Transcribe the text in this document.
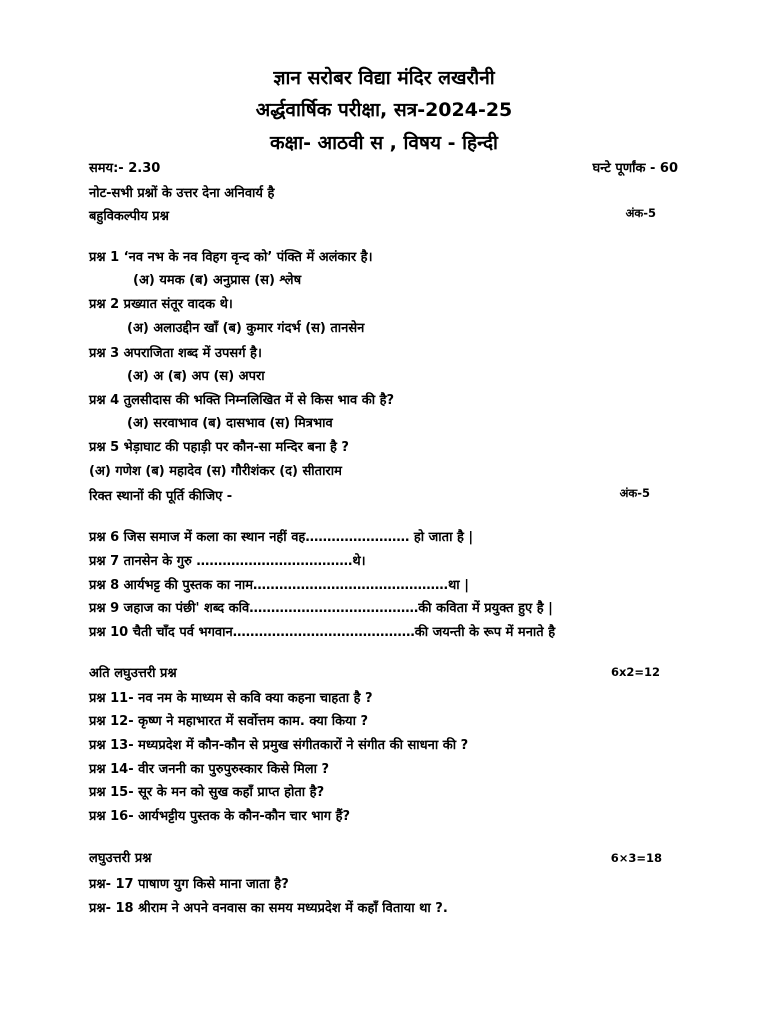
ज्ञान सरोबर विद्या मंदिर लखरौनी
अर्द्धवार्षिक परीक्षा, सत्र-2024-25
कक्षा- आठवी स , विषय - हिन्दी
समय:- 2.30	घन्टे पूर्णांक - 60
नोट-सभी प्रश्नों के उत्तर देना अनिवार्य है
बहुविकल्पीय प्रश्न	अंक-5
प्रश्न 1 ‘नव नभ के नव विहग वृन्द को’ पंक्ति में अलंकार है।
(अ) यमक (ब) अनुप्रास (स) श्लेष
प्रश्न 2 प्रख्यात संतूर वादक थे।
(अ) अलाउद्दीन खाँ (ब) कुमार गंदर्भ (स) तानसेन
प्रश्न 3 अपराजिता शब्द में उपसर्ग है।
(अ) अ (ब) अप (स) अपरा
प्रश्न 4 तुलसीदास की भक्ति निम्नलिखित में से किस भाव की है?
(अ) सरवाभाव (ब) दासभाव (स) मित्रभाव
प्रश्न 5 भेड़ाघाट की पहाड़ी पर कौन-सा मन्दिर बना है ?
(अ) गणेश (ब) महादेव (स) गौरीशंकर (द) सीताराम
रिक्त स्थानों की पूर्ति कीजिए -	अंक-5
प्रश्न 6 जिस समाज में कला का स्थान नहीं वह…………………… हो जाता है |
प्रश्न 7 तानसेन के गुरु ………………………………थे।
प्रश्न 8 आर्यभट्ट की पुस्तक का नाम………………………………………था |
प्रश्न 9 जहाज का पंछी' शब्द कवि…………………………………की कविता में प्रयुक्त हुए है |
प्रश्न 10 चैती चाँद पर्व भगवान……………………………………की जयन्ती के रूप में मनाते है
अति लघुउत्तरी प्रश्न	6x2=12
प्रश्न 11- नव नम के माध्यम से कवि क्या कहना चाहता है ?
प्रश्न 12- कृष्ण ने महाभारत में सर्वोत्तम काम. क्या किया ?
प्रश्न 13- मध्यप्रदेश में कौन-कौन से प्रमुख संगीतकारों ने संगीत की साधना की ?
प्रश्न 14- वीर जननी का पुरुपुरुस्कार किसे मिला ?
प्रश्न 15- सूर के मन को सुख कहाँ प्राप्त होता है?
प्रश्न 16- आर्यभट्टीय पुस्तक के कौन-कौन चार भाग हैं?
लघुउत्तरी प्रश्न	6×3=18
प्रश्न- 17 पाषाण युग किसे माना जाता है?
प्रश्न- 18 श्रीराम ने अपने वनवास का समय मध्यप्रदेश में कहाँ विताया था ?.
